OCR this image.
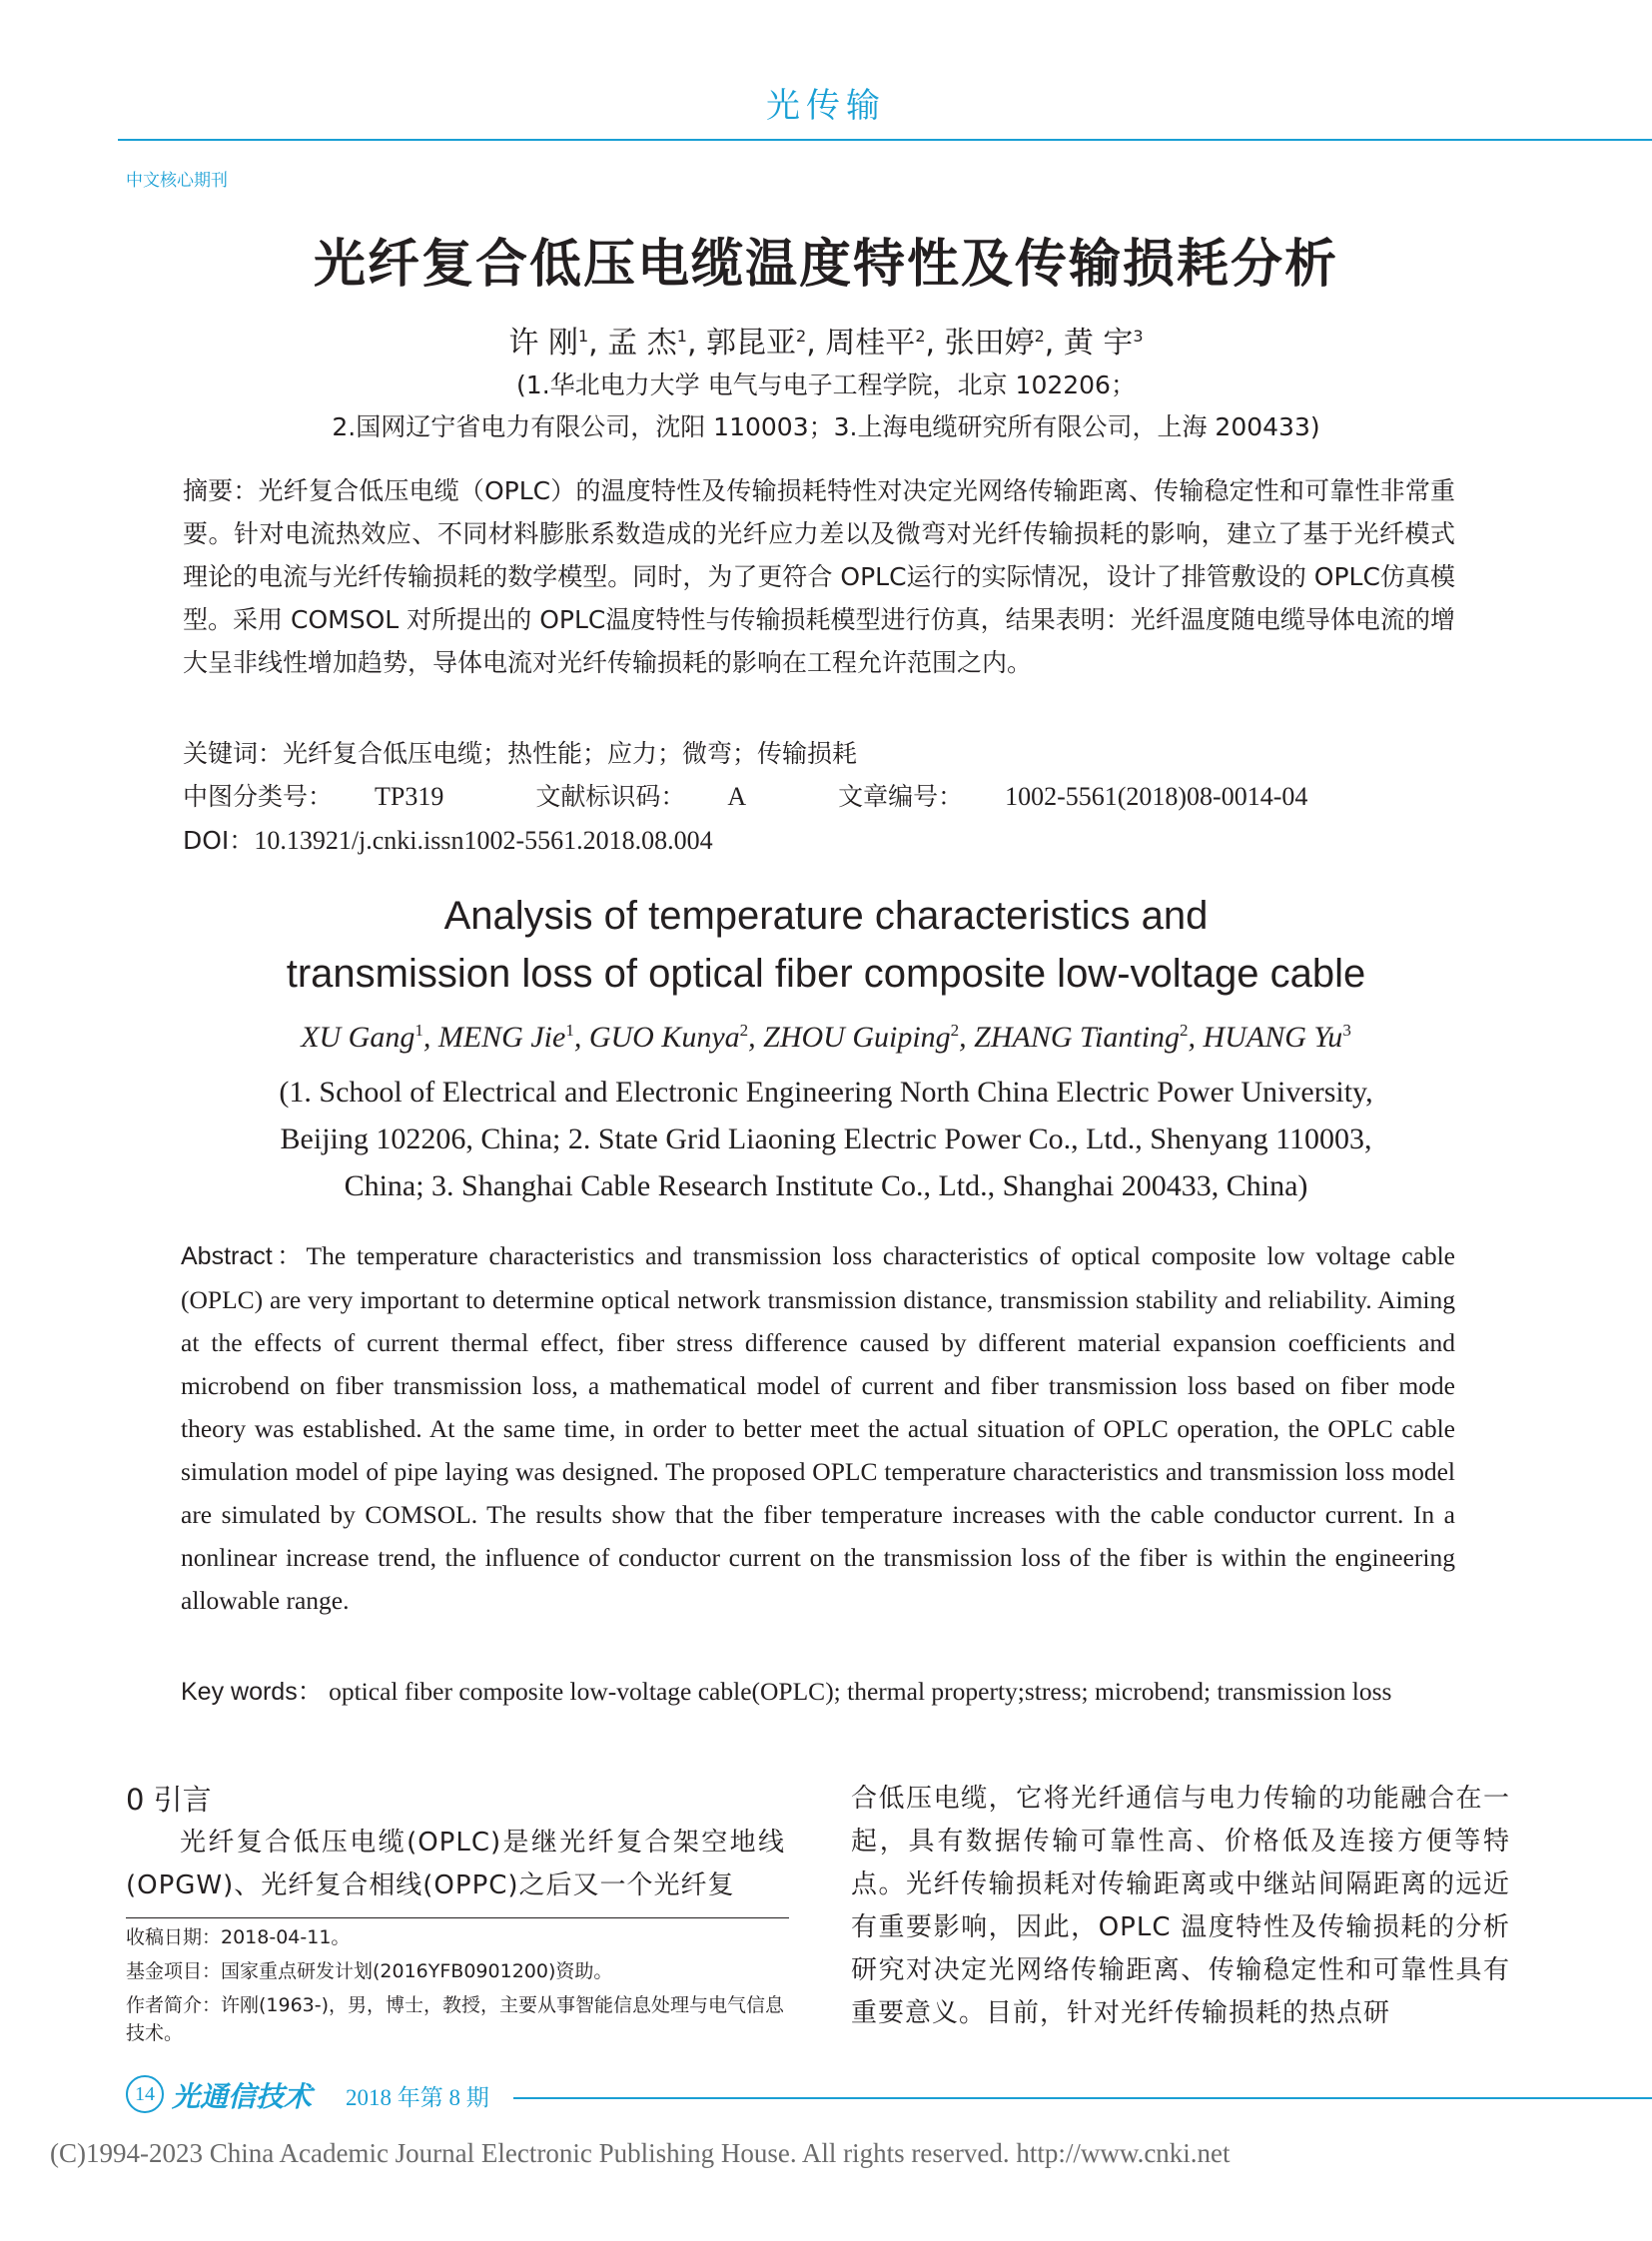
光传输
中文核心期刊
光纤复合低压电缆温度特性及传输损耗分析
许 刚$^1$, 孟 杰$^1$, 郭昆亚$^2$, 周桂平$^2$, 张田婷$^2$, 黄 宇$^3$
(1.华北电力大学 电气与电子工程学院，北京 102206；
2.国网辽宁省电力有限公司，沈阳 110003；3.上海电缆研究所有限公司，上海 200433)
摘要：光纤复合低压电缆（OPLC）的温度特性及传输损耗特性对决定光网络传输距离、传输稳定性和可靠性非常重要。针对电流热效应、不同材料膨胀系数造成的光纤应力差以及微弯对光纤传输损耗的影响，建立了基于光纤模式理论的电流与光纤传输损耗的数学模型。同时，为了更符合 OPLC运行的实际情况，设计了排管敷设的 OPLC仿真模型。采用 COMSOL 对所提出的 OPLC温度特性与传输损耗模型进行仿真，结果表明：光纤温度随电缆导体电流的增大呈非线性增加趋势，导体电流对光纤传输损耗的影响在工程允许范围之内。
关键词：光纤复合低压电缆；热性能；应力；微弯；传输损耗
中图分类号： TP319	文献标识码： A	文章编号： 1002-5561(2018)08-0014-04
DOI：10.13921/j.cnki.issn1002-5561.2018.08.004
Analysis of temperature characteristics and
transmission loss of optical fiber composite low-voltage cable
XU Gang$^1$, MENG Jie$^1$, GUO Kunya$^2$, ZHOU Guiping$^2$, ZHANG Tianting$^2$, HUANG Yu$^3$
(1. School of Electrical and Electronic Engineering North China Electric Power University,
Beijing 102206, China; 2. State Grid Liaoning Electric Power Co., Ltd., Shenyang 110003,
China; 3. Shanghai Cable Research Institute Co., Ltd., Shanghai 200433, China)
Abstract：The temperature characteristics and transmission loss characteristics of optical composite low voltage cable (OPLC) are very important to determine optical network transmission distance, transmission stability and reliability. Aiming at the effects of current thermal effect, fiber stress difference caused by different material expansion coefficients and microbend on fiber transmission loss, a mathematical model of current and fiber transmission loss based on fiber mode theory was established. At the same time, in order to better meet the actual situation of OPLC operation, the OPLC cable simulation model of pipe laying was designed. The proposed OPLC temperature characteristics and transmission loss model are simulated by COMSOL. The results show that the fiber temperature increases with the cable conductor current. In a nonlinear increase trend, the influence of conductor current on the transmission loss of the fiber is within the engineering allowable range.
Key words： optical fiber composite low-voltage cable(OPLC); thermal property;stress; microbend; transmission loss
0 引言
光纤复合低压电缆(OPLC)是继光纤复合架空地线(OPGW)、光纤复合相线(OPPC)之后又一个光纤复
收稿日期：2018-04-11。
基金项目：国家重点研发计划(2016YFB0901200)资助。
作者简介：许刚(1963-)，男，博士，教授，主要从事智能信息处理与电气信息技术。
合低压电缆，它将光纤通信与电力传输的功能融合在一起，具有数据传输可靠性高、价格低及连接方便等特点。光纤传输损耗对传输距离或中继站间隔距离的远近有重要影响，因此，OPLC 温度特性及传输损耗的分析研究对决定光网络传输距离、传输稳定性和可靠性具有重要意义。目前，针对光纤传输损耗的热点研
14 光通信技术 2018 年第 8 期
(C)1994-2023 China Academic Journal Electronic Publishing House. All rights reserved. http://www.cnki.net
